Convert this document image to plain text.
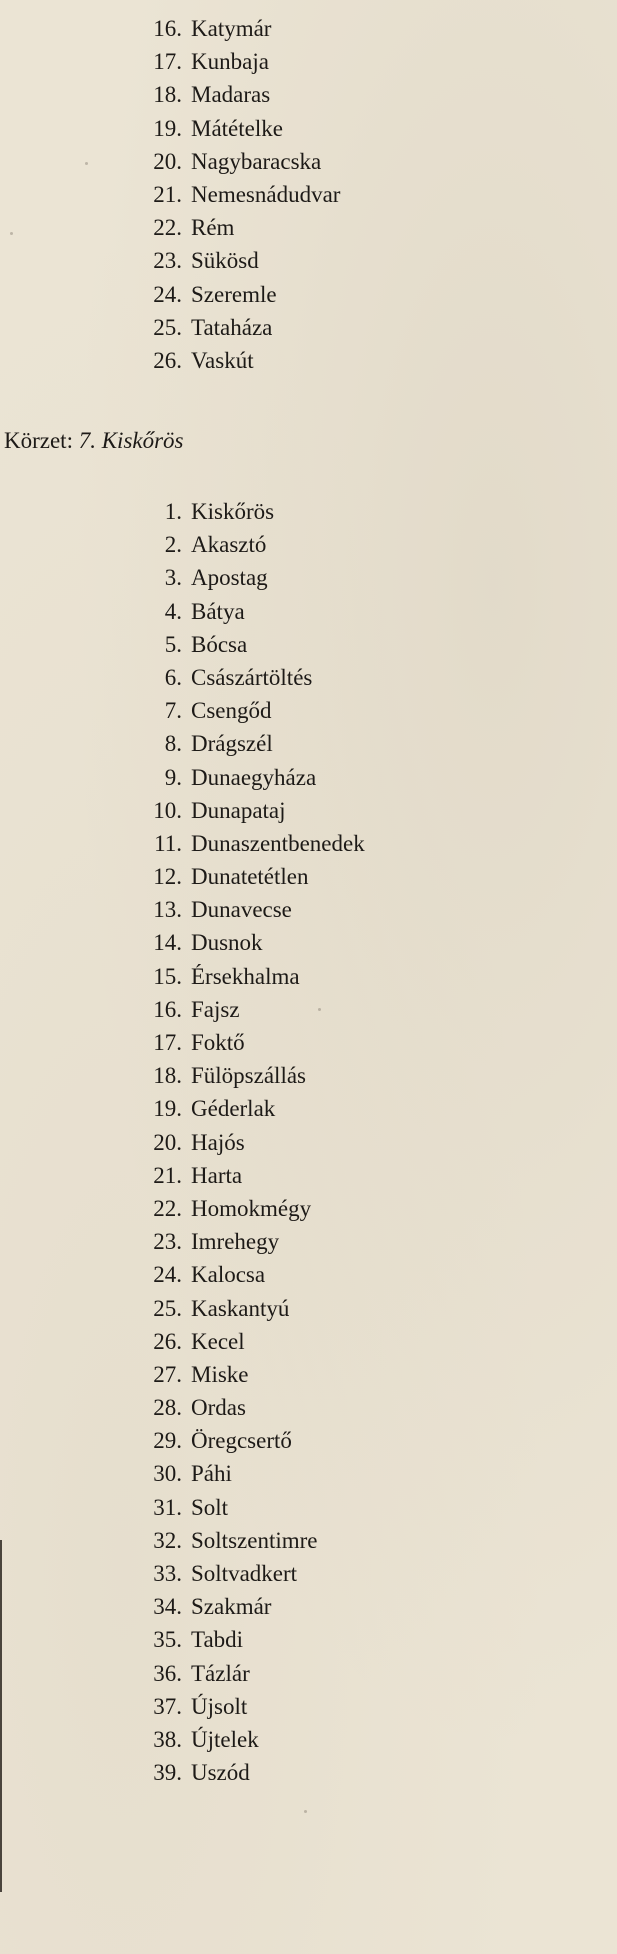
16. Katymár
17. Kunbaja
18. Madaras
19. Mátételke
20. Nagybaracska
21. Nemesnádudvar
22. Rém
23. Sükösd
24. Szeremle
25. Tataháza
26. Vaskút
Körzet: 7. Kiskőrös
1. Kiskőrös
2. Akasztó
3. Apostag
4. Bátya
5. Bócsa
6. Császártöltés
7. Csengőd
8. Drágszél
9. Dunaegyháza
10. Dunapataj
11. Dunaszentbenedek
12. Dunatetétlen
13. Dunavecse
14. Dusnok
15. Érsekhalma
16. Fajsz
17. Foktő
18. Fülöpszállás
19. Géderlak
20. Hajós
21. Harta
22. Homokmégy
23. Imrehegy
24. Kalocsa
25. Kaskantyú
26. Kecel
27. Miske
28. Ordas
29. Öregcsertő
30. Páhi
31. Solt
32. Soltszentimre
33. Soltvadkert
34. Szakmár
35. Tabdi
36. Tázlár
37. Újsolt
38. Újtelek
39. Uszód
